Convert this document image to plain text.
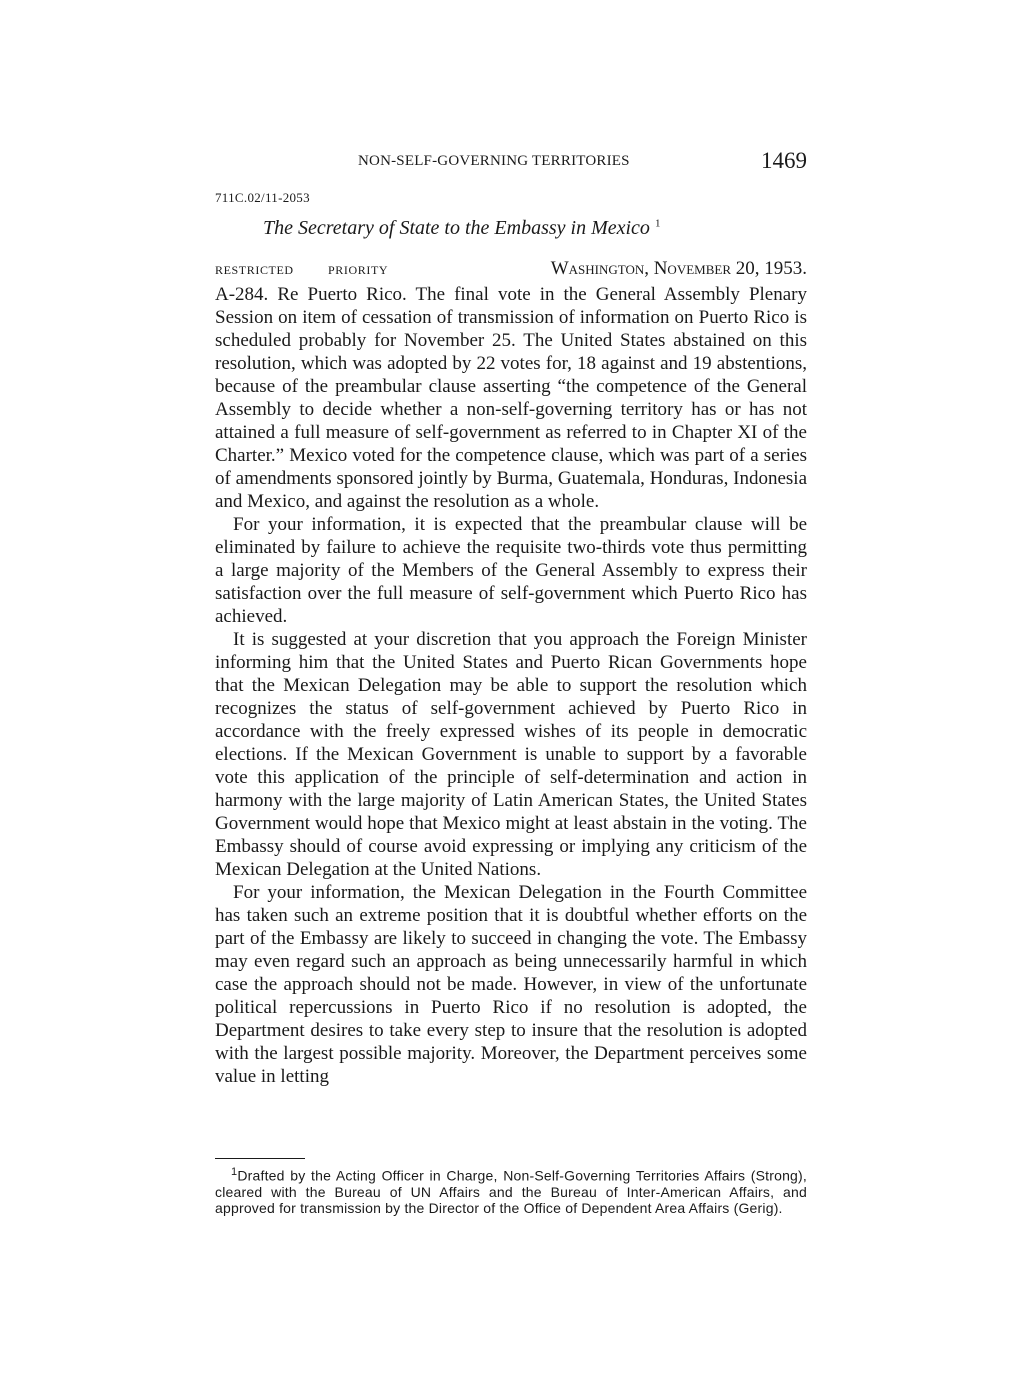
NON-SELF-GOVERNING TERRITORIES	1469
711C.02/11-2053
The Secretary of State to the Embassy in Mexico $^1$
RESTRICTED	PRIORITY	Washington, November 20, 1953.

A-284. Re Puerto Rico. The final vote in the General Assembly Plenary Session on item of cessation of transmission of information on Puerto Rico is scheduled probably for November 25. The United States abstained on this resolution, which was adopted by 22 votes for, 18 against and 19 abstentions, because of the preambular clause asserting “the competence of the General Assembly to decide whether a non-self-governing territory has or has not attained a full measure of self-government as referred to in Chapter XI of the Charter.” Mexico voted for the competence clause, which was part of a series of amendments sponsored jointly by Burma, Guatemala, Honduras, Indonesia and Mexico, and against the resolution as a whole.

For your information, it is expected that the preambular clause will be eliminated by failure to achieve the requisite two-thirds vote thus permitting a large majority of the Members of the General Assembly to express their satisfaction over the full measure of self-government which Puerto Rico has achieved.

It is suggested at your discretion that you approach the Foreign Minister informing him that the United States and Puerto Rican Governments hope that the Mexican Delegation may be able to support the resolution which recognizes the status of self-government achieved by Puerto Rico in accordance with the freely expressed wishes of its people in democratic elections. If the Mexican Government is unable to support by a favorable vote this application of the principle of self-determination and action in harmony with the large majority of Latin American States, the United States Government would hope that Mexico might at least abstain in the voting. The Embassy should of course avoid expressing or implying any criticism of the Mexican Delegation at the United Nations.

For your information, the Mexican Delegation in the Fourth Committee has taken such an extreme position that it is doubtful whether efforts on the part of the Embassy are likely to succeed in changing the vote. The Embassy may even regard such an approach as being unnecessarily harmful in which case the approach should not be made. However, in view of the unfortunate political repercussions in Puerto Rico if no resolution is adopted, the Department desires to take every step to insure that the resolution is adopted with the largest possible majority. Moreover, the Department perceives some value in letting

$^1$Drafted by the Acting Officer in Charge, Non-Self-Governing Territories Affairs (Strong), cleared with the Bureau of UN Affairs and the Bureau of Inter-American Affairs, and approved for transmission by the Director of the Office of Dependent Area Affairs (Gerig).
